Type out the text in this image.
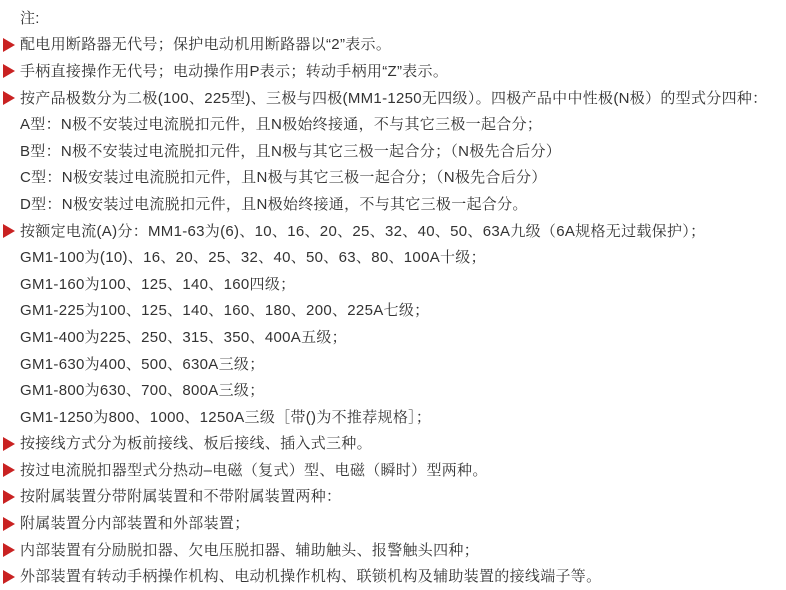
注:
配电用断路器无代号；保护电动机用断路器以“2”表示。
手柄直接操作无代号；电动操作用P表示；转动手柄用“Z”表示。
按产品极数分为二极(100、225型)、三极与四极(MM1-1250无四级）。四极产品中中性极(N极）的型式分四种：
A型：N极不安装过电流脱扣元件，且N极始终接通，不与其它三极一起合分；
B型：N极不安装过电流脱扣元件，且N极与其它三极一起合分；（N极先合后分）
C型：N极安装过电流脱扣元件，且N极与其它三极一起合分；（N极先合后分）
D型：N极安装过电流脱扣元件，且N极始终接通，不与其它三极一起合分。
按额定电流(A)分：MM1-63为(6)、10、16、20、25、32、40、50、63A九级（6A规格无过载保护）；
GM1-100为(10)、16、20、25、32、40、50、63、80、100A十级；
GM1-160为100、125、140、160四级；
GM1-225为100、125、140、160、180、200、225A七级；
GM1-400为225、250、315、350、400A五级；
GM1-630为400、500、630A三级；
GM1-800为630、700、800A三级；
GM1-1250为800、1000、1250A三级［带()为不推荐规格］；
按接线方式分为板前接线、板后接线、插入式三种。
按过电流脱扣器型式分热动–电磁（复式）型、电磁（瞬时）型两种。
按附属装置分带附属装置和不带附属装置两种：
附属装置分内部装置和外部装置；
内部装置有分励脱扣器、欠电压脱扣器、辅助触头、报警触头四种；
外部装置有转动手柄操作机构、电动机操作机构、联锁机构及辅助装置的接线端子等。
